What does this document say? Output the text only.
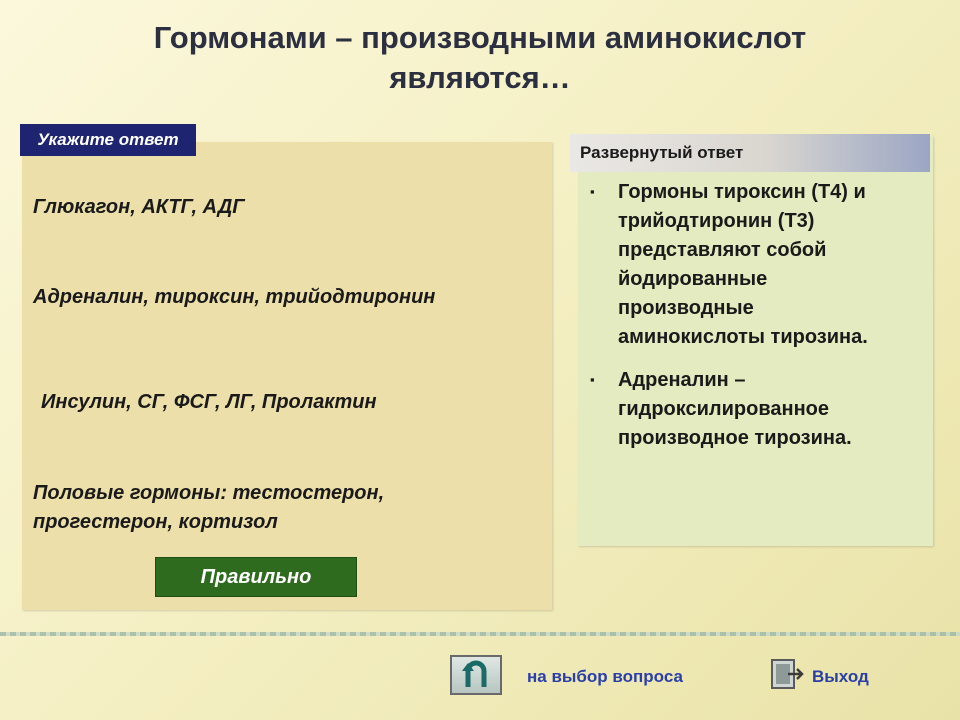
Гормонами – производными аминокислот
являются…
Укажите ответ
Глюкагон, АКТГ, АДГ
Адреналин, тироксин, трийодтиронин
Инсулин, СГ, ФСГ, ЛГ, Пролактин
Половые гормоны: тестостерон,
прогестерон, кортизол
Правильно
Развернутый ответ
▪ Гормоны тироксин (Т4) и
трийодтиронин (Т3)
представляют собой
йодированные
производные
аминокислоты тирозина.
▪ Адреналин –
гидроксилированное
производное тирозина.
на выбор вопроса	Выход
